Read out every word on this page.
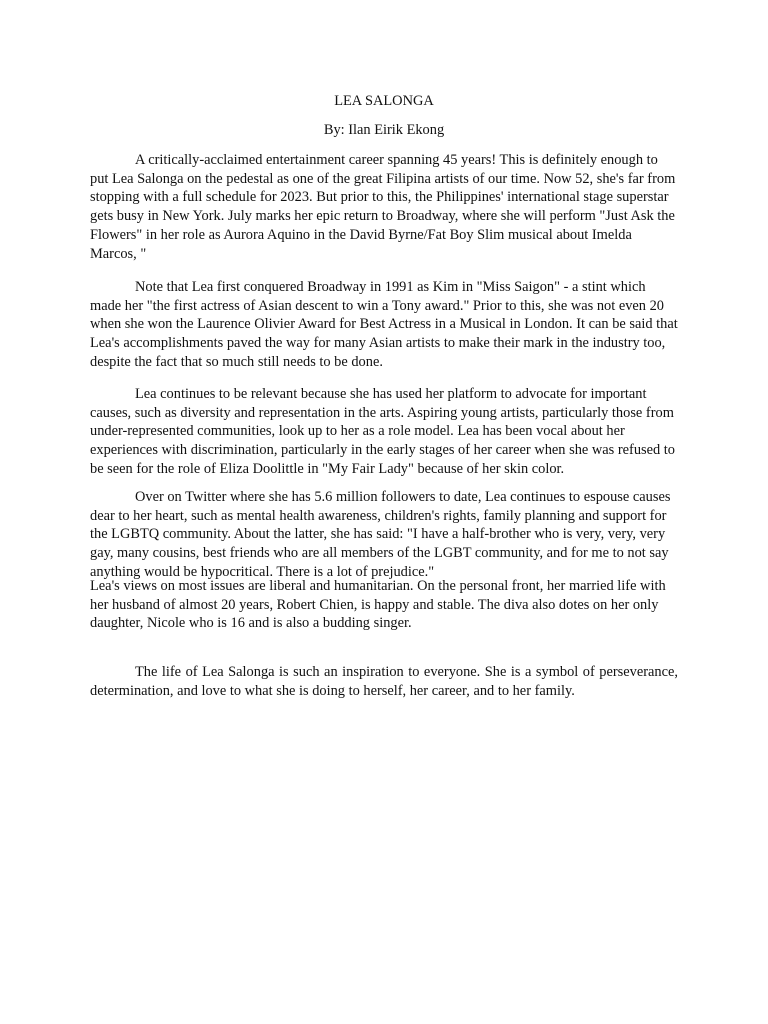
LEA SALONGA
By: Ilan Eirik Ekong

A critically-acclaimed entertainment career spanning 45 years! This is definitely enough to put Lea Salonga on the pedestal as one of the great Filipina artists of our time. Now 52, she's far from stopping with a full schedule for 2023. But prior to this, the Philippines' international stage superstar gets busy in New York. July marks her epic return to Broadway, where she will perform "Just Ask the Flowers" in her role as Aurora Aquino in the David Byrne/Fat Boy Slim musical about Imelda Marcos, "

Note that Lea first conquered Broadway in 1991 as Kim in "Miss Saigon" - a stint which made her "the first actress of Asian descent to win a Tony award." Prior to this, she was not even 20 when she won the Laurence Olivier Award for Best Actress in a Musical in London. It can be said that Lea's accomplishments paved the way for many Asian artists to make their mark in the industry too, despite the fact that so much still needs to be done.

Lea continues to be relevant because she has used her platform to advocate for important causes, such as diversity and representation in the arts. Aspiring young artists, particularly those from under-represented communities, look up to her as a role model. Lea has been vocal about her experiences with discrimination, particularly in the early stages of her career when she was refused to be seen for the role of Eliza Doolittle in "My Fair Lady" because of her skin color.

Over on Twitter where she has 5.6 million followers to date, Lea continues to espouse causes dear to her heart, such as mental health awareness, children's rights, family planning and support for the LGBTQ community. About the latter, she has said: "I have a half-brother who is very, very, very gay, many cousins, best friends who are all members of the LGBT community, and for me to not say anything would be hypocritical. There is a lot of prejudice."

Lea's views on most issues are liberal and humanitarian. On the personal front, her married life with her husband of almost 20 years, Robert Chien, is happy and stable. The diva also dotes on her only daughter, Nicole who is 16 and is also a budding singer.

The life of Lea Salonga is such an inspiration to everyone. She is a symbol of perseverance, determination, and love to what she is doing to herself, her career, and to her family.
